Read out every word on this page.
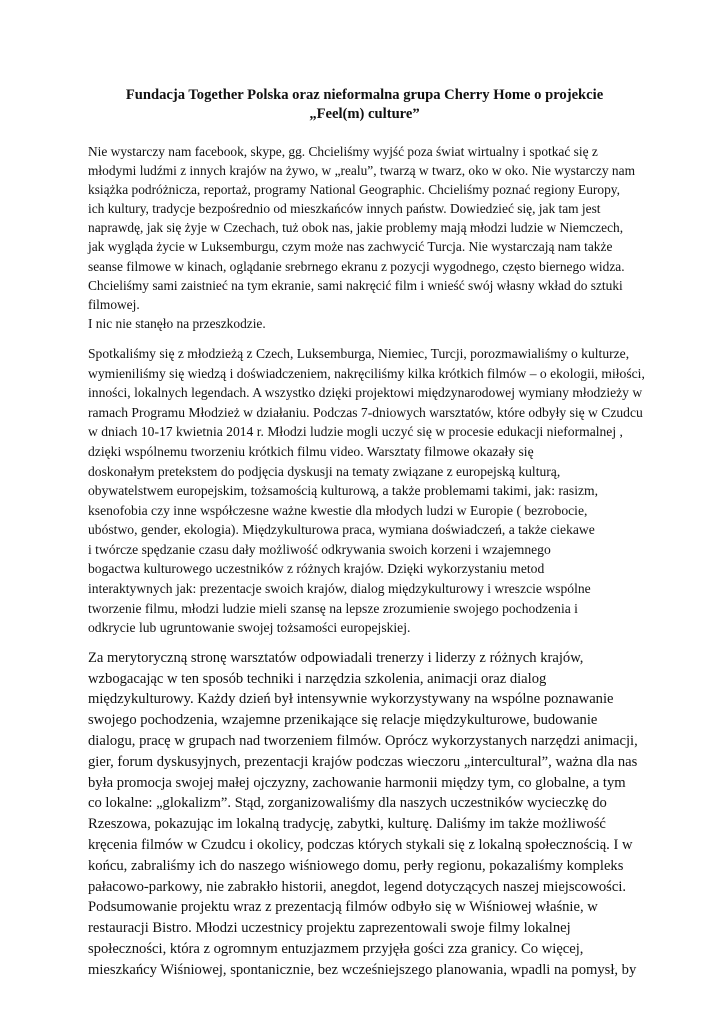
Fundacja Together Polska oraz nieformalna grupa Cherry Home o projekcie
„Feel(m) culture”

Nie wystarczy nam facebook, skype, gg. Chcieliśmy wyjść poza świat wirtualny i spotkać się z
młodymi ludźmi z innych krajów na żywo, w „realu”, twarzą w twarz, oko w oko. Nie wystarczy nam
książka podróżnicza, reportaż, programy National Geographic. Chcieliśmy poznać regiony Europy,
ich kultury, tradycje bezpośrednio od mieszkańców innych państw. Dowiedzieć się, jak tam jest
naprawdę, jak się żyje w Czechach, tuż obok nas, jakie problemy mają młodzi ludzie w Niemczech,
jak wygląda życie w Luksemburgu, czym może nas zachwycić Turcja. Nie wystarczają nam także
seanse filmowe w kinach, oglądanie srebrnego ekranu z pozycji wygodnego, często biernego widza.
Chcieliśmy sami zaistnieć na tym ekranie, sami nakręcić film i wnieść swój własny wkład do sztuki
filmowej.
I nic nie stanęło na przeszkodzie.

Spotkaliśmy się z młodzieżą z Czech, Luksemburga, Niemiec, Turcji, porozmawialiśmy o kulturze,
wymieniliśmy się wiedzą i doświadczeniem, nakręciliśmy kilka krótkich filmów – o ekologii, miłości,
inności, lokalnych legendach. A wszystko dzięki projektowi międzynarodowej wymiany młodzieży w
ramach Programu Młodzież w działaniu. Podczas 7-dniowych warsztatów, które odbyły się w Czudcu
w dniach 10-17 kwietnia 2014 r. Młodzi ludzie mogli uczyć się w procesie edukacji nieformalnej ,
dzięki wspólnemu tworzeniu krótkich filmu video. Warsztaty filmowe okazały się
doskonałym pretekstem do podjęcia dyskusji na tematy związane z europejską kulturą,
obywatelstwem europejskim, tożsamością kulturową, a także problemami takimi, jak: rasizm,
ksenofobia czy inne współczesne ważne kwestie dla młodych ludzi w Europie ( bezrobocie,
ubóstwo, gender, ekologia). Międzykulturowa praca, wymiana doświadczeń, a także ciekawe
i twórcze spędzanie czasu dały możliwość odkrywania swoich korzeni i wzajemnego
bogactwa kulturowego uczestników z różnych krajów. Dzięki wykorzystaniu metod
interaktywnych jak: prezentacje swoich krajów, dialog międzykulturowy i wreszcie wspólne
tworzenie filmu, młodzi ludzie mieli szansę na lepsze zrozumienie swojego pochodzenia i
odkrycie lub ugruntowanie swojej tożsamości europejskiej.

Za merytoryczną stronę warsztatów odpowiadali trenerzy i liderzy z różnych krajów,
wzbogacając w ten sposób techniki i narzędzia szkolenia, animacji oraz dialog
międzykulturowy. Każdy dzień był intensywnie wykorzystywany na wspólne poznawanie
swojego pochodzenia, wzajemne przenikające się relacje międzykulturowe, budowanie
dialogu, pracę w grupach nad tworzeniem filmów. Oprócz wykorzystanych narzędzi animacji,
gier, forum dyskusyjnych, prezentacji krajów podczas wieczoru „intercultural”, ważna dla nas
była promocja swojej małej ojczyzny, zachowanie harmonii między tym, co globalne, a tym
co lokalne: „glokalizm”. Stąd, zorganizowaliśmy dla naszych uczestników wycieczkę do
Rzeszowa, pokazując im lokalną tradycję, zabytki, kulturę. Daliśmy im także możliwość
kręcenia filmów w Czudcu i okolicy, podczas których stykali się z lokalną społecznością. I w
końcu, zabraliśmy ich do naszego wiśniowego domu, perły regionu, pokazaliśmy kompleks
pałacowo-parkowy, nie zabrakło historii, anegdot, legend dotyczących naszej miejscowości.
Podsumowanie projektu wraz z prezentacją filmów odbyło się w Wiśniowej właśnie, w
restauracji Bistro. Młodzi uczestnicy projektu zaprezentowali swoje filmy lokalnej
społeczności, która z ogromnym entuzjazmem przyjęła gości zza granicy. Co więcej,
mieszkańcy Wiśniowej, spontanicznie, bez wcześniejszego planowania, wpadli na pomysł, by
